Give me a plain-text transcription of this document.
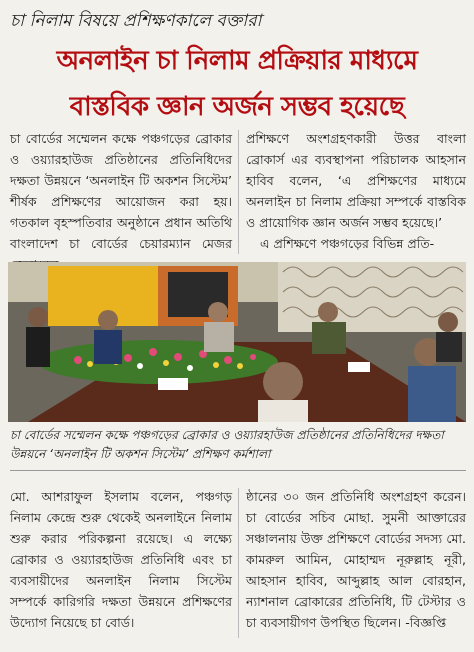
চা নিলাম বিষয়ে প্রশিক্ষণকালে বক্তারা
অনলাইন চা নিলাম প্রক্রিয়ার মাধ্যমে
বাস্তবিক জ্ঞান অর্জন সম্ভব হয়েছে

চা বোর্ডের সম্মেলন কক্ষে পঞ্চগড়ের ব্রোকার ও ওয়্যারহাউজ প্রতিষ্ঠানের প্রতিনিধিদের দক্ষতা উন্নয়নে ‘অনলাইন টি অকশন সিস্টেম’ শীর্ষক প্রশিক্ষণের আয়োজন করা হয়। গতকাল বৃহস্পতিবার অনুষ্ঠানে প্রধান অতিথি বাংলাদেশ চা বোর্ডের চেয়ারম্যান মেজর

প্রশিক্ষণে অংশগ্রহণকারী উত্তর বাংলা ব্রোকার্স এর ব্যবস্থাপনা পরিচালক আহসান হাবিব বলেন, ‘এ প্রশিক্ষণের মাধ্যমে অনলাইন চা নিলাম প্রক্রিয়া সম্পর্কে বাস্তবিক ও প্রায়োগিক জ্ঞান অর্জন সম্ভব হয়েছে।’

এ প্রশিক্ষণে পঞ্চগড়ের বিভিন্ন প্রতি-

চা বোর্ডের সম্মেলন কক্ষে পঞ্চগড়ের ব্রোকার ও ওয়্যারহাউজ প্রতিষ্ঠানের প্রতিনিধিদের দক্ষতা উন্নয়নে ‘অনলাইন টি অকশন সিস্টেম’ প্রশিক্ষণ কর্মশালা

মো. আশরাফুল ইসলাম বলেন, পঞ্চগড় নিলাম কেন্দ্রে শুরু থেকেই অনলাইনে নিলাম শুরু করার পরিকল্পনা রয়েছে। এ লক্ষ্যে ব্রোকার ও ওয়্যারহাউজ প্রতিনিধি এবং চা ব্যবসায়ীদের অনলাইন নিলাম সিস্টেম সম্পর্কে কারিগরি দক্ষতা উন্নয়নে প্রশিক্ষণের উদ্যোগ নিয়েছে চা বোর্ড।

ষ্ঠানের ৩০ জন প্রতিনিধি অংশগ্রহণ করেন। চা বোর্ডের সচিব মোছা. সুমনী আক্তারের সঞ্চালনায় উক্ত প্রশিক্ষণে বোর্ডের সদস্য মো. কামরুল আমিন, মোহাম্মদ নূরুল্লাহ নূরী, আহসান হাবিব, আব্দুল্লাহ আল বোরহান, ন্যাশনাল ব্রোকারের প্রতিনিধি, টি টেস্টার ও চা ব্যবসায়ীগণ উপস্থিত ছিলেন। -বিজ্ঞপ্তি
